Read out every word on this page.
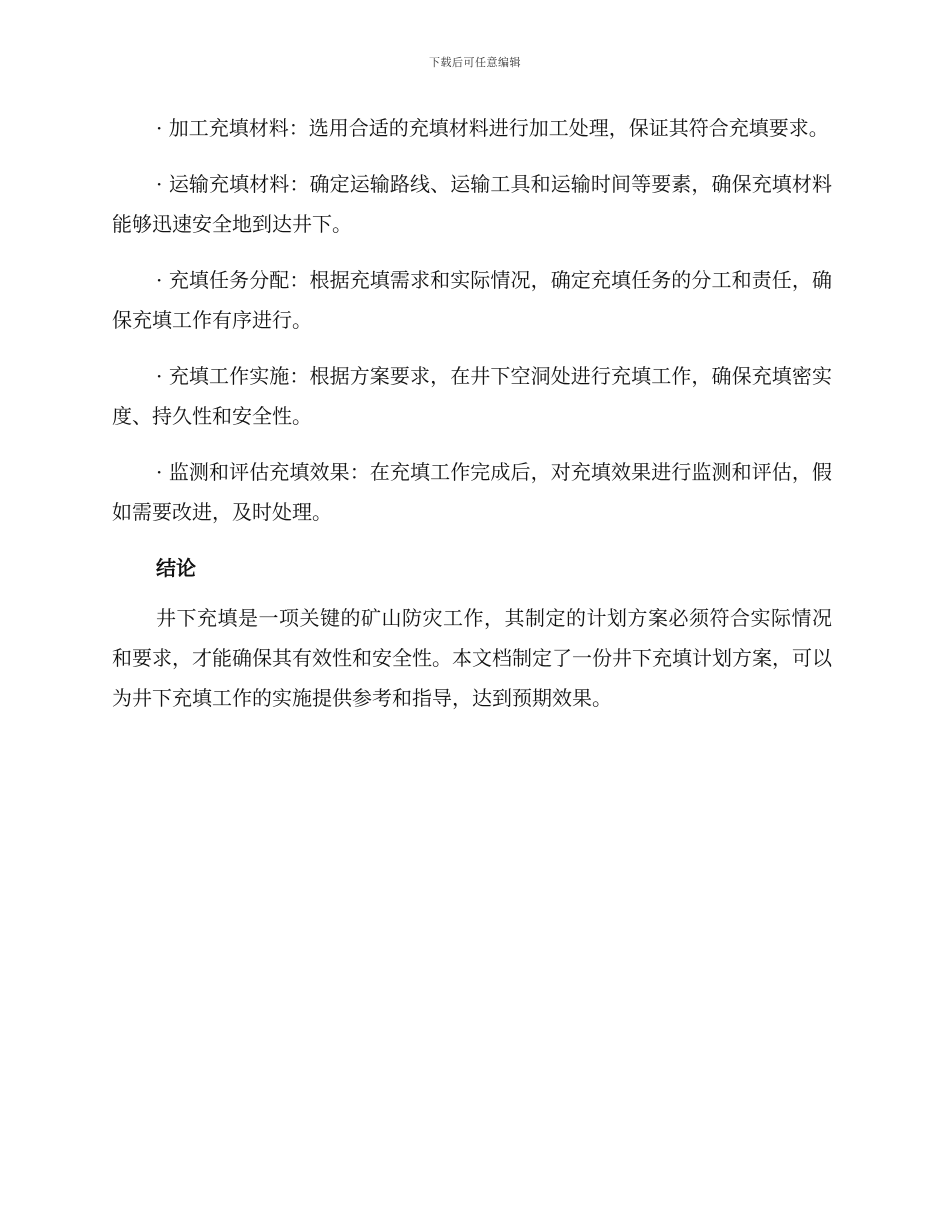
下载后可任意编辑

· 加工充填材料：选用合适的充填材料进行加工处理，保证其符合充填要求。

· 运输充填材料：确定运输路线、运输工具和运输时间等要素，确保充填材料能够迅速安全地到达井下。

· 充填任务分配：根据充填需求和实际情况，确定充填任务的分工和责任，确保充填工作有序进行。

· 充填工作实施：根据方案要求，在井下空洞处进行充填工作，确保充填密实度、持久性和安全性。

· 监测和评估充填效果：在充填工作完成后，对充填效果进行监测和评估，假如需要改进，及时处理。

结论

井下充填是一项关键的矿山防灾工作，其制定的计划方案必须符合实际情况和要求，才能确保其有效性和安全性。本文档制定了一份井下充填计划方案，可以为井下充填工作的实施提供参考和指导，达到预期效果。
